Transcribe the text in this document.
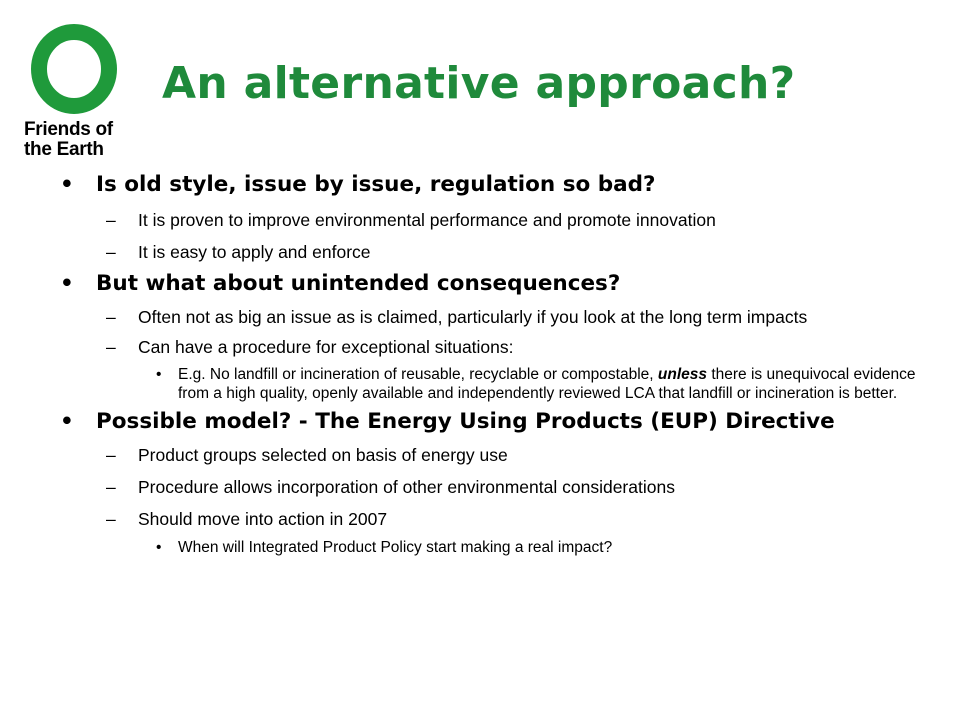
Friends of
the Earth
An alternative approach?

• Is old style, issue by issue, regulation so bad?

– It is proven to improve environmental performance and promote innovation

– It is easy to apply and enforce

• But what about unintended consequences?

– Often not as big an issue as is claimed, particularly if you look at the long term impacts

– Can have a procedure for exceptional situations:

• E.g. No landfill or incineration of reusable, recyclable or compostable, unless there is unequivocal evidence from a high quality, openly available and independently reviewed LCA that landfill or incineration is better.

• Possible model? - The Energy Using Products (EUP) Directive

– Product groups selected on basis of energy use

– Procedure allows incorporation of other environmental considerations

– Should move into action in 2007

• When will Integrated Product Policy start making a real impact?
